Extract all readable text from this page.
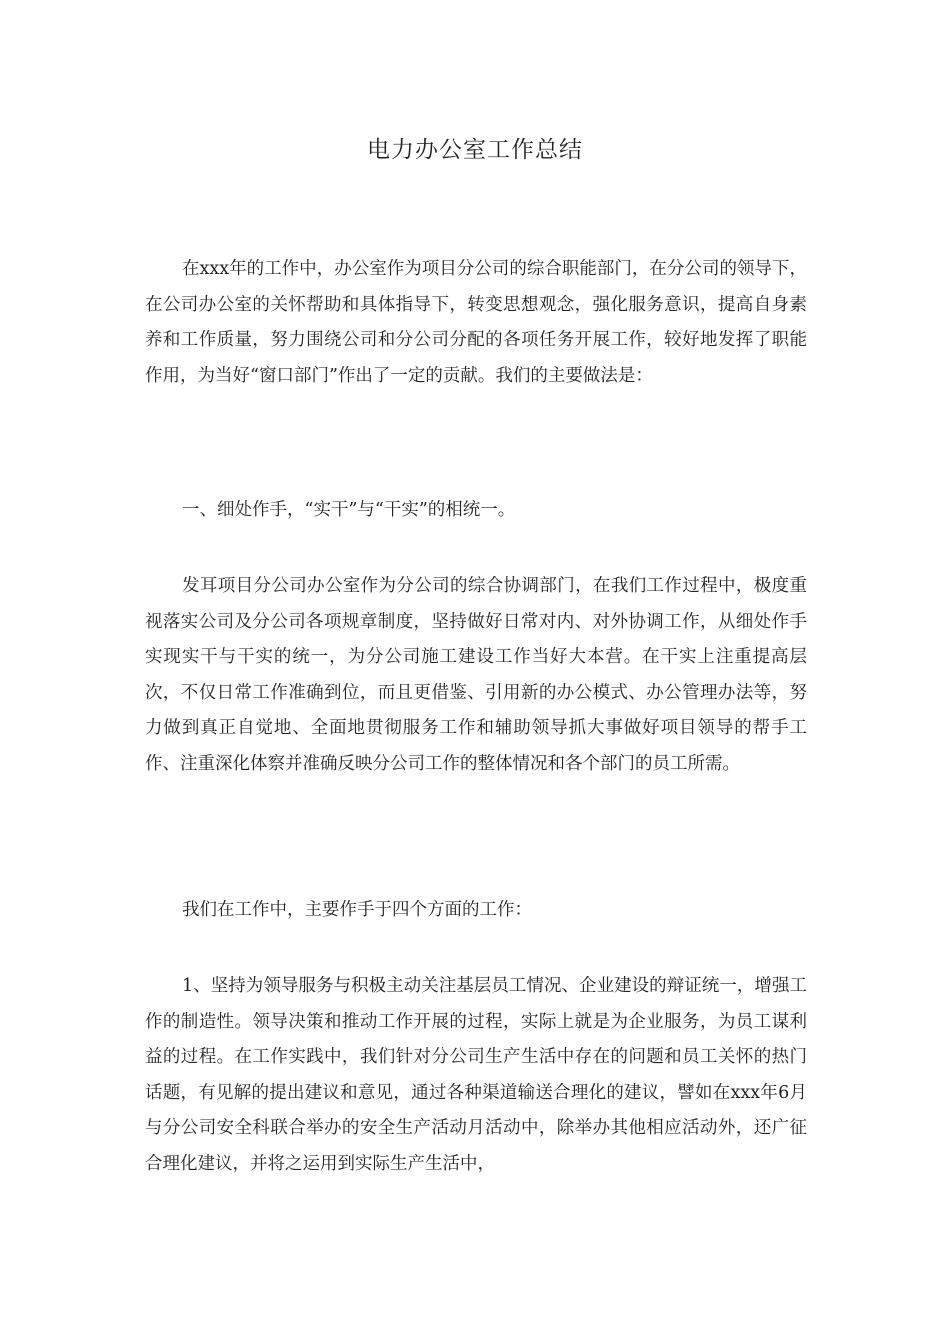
电力办公室工作总结

在xxx年的工作中，办公室作为项目分公司的综合职能部门，在分公司的领导下，在公司办公室的关怀帮助和具体指导下，转变思想观念，强化服务意识，提高自身素养和工作质量，努力围绕公司和分公司分配的各项任务开展工作，较好地发挥了职能作用，为当好“窗口部门”作出了一定的贡献。我们的主要做法是：

一、细处作手，“实干”与“干实”的相统一。

发耳项目分公司办公室作为分公司的综合协调部门，在我们工作过程中，极度重视落实公司及分公司各项规章制度，坚持做好日常对内、对外协调工作，从细处作手实现实干与干实的统一，为分公司施工建设工作当好大本营。在干实上注重提高层次，不仅日常工作准确到位，而且更借鉴、引用新的办公模式、办公管理办法等，努力做到真正自觉地、全面地贯彻服务工作和辅助领导抓大事做好项目领导的帮手工作、注重深化体察并准确反映分公司工作的整体情况和各个部门的员工所需。

我们在工作中，主要作手于四个方面的工作：

1、坚持为领导服务与积极主动关注基层员工情况、企业建设的辩证统一，增强工作的制造性。领导决策和推动工作开展的过程，实际上就是为企业服务，为员工谋利益的过程。在工作实践中，我们针对分公司生产生活中存在的问题和员工关怀的热门话题，有见解的提出建议和意见，通过各种渠道输送合理化的建议，譬如在xxx年6月与分公司安全科联合举办的安全生产活动月活动中，除举办其他相应活动外，还广征合理化建议，并将之运用到实际生产生活中，
